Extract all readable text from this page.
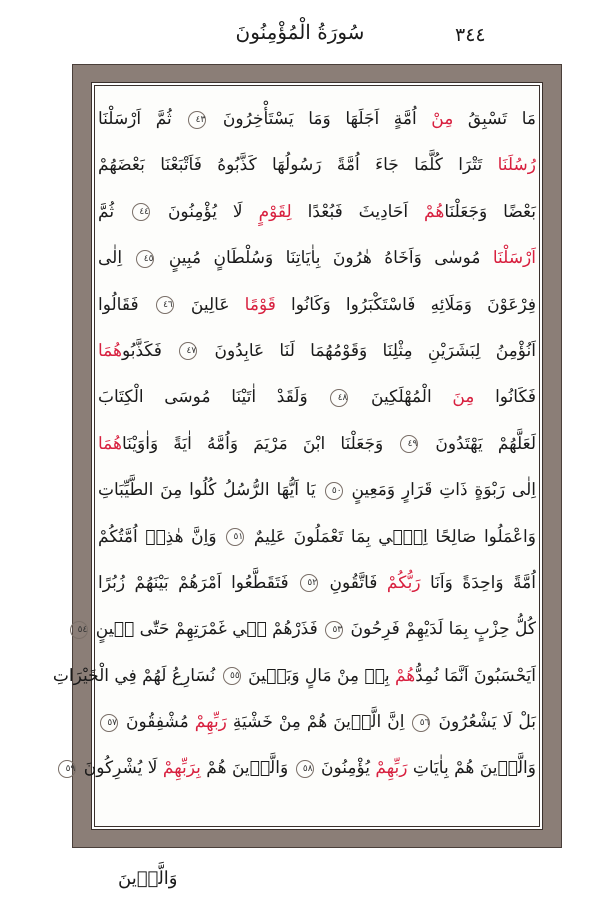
سُورَةُ الْمُؤْمِنُونَ	٣٤٤
مَا تَسْبِقُ مِنْ اُمَّةٍ اَجَلَهَا وَمَا يَسْتَأْخِرُونَ ٤٣ ثُمَّ اَرْسَلْنَا
رُسُلَنَا تَتْرَا كُلَّمَا جَاءَ اُمَّةً رَسُولُهَا كَذَّبُوهُ فَاَتْبَعْنَا بَعْضَهُمْ
بَعْضًا وَجَعَلْنَاهُمْ اَحَادِيثَ فَبُعْدًا لِقَوْمٍ لَا يُؤْمِنُونَ ٤٤ ثُمَّ
اَرْسَلْنَا مُوسٰى وَاَخَاهُ هٰرُونَ بِاٰيَاتِنَا وَسُلْطَانٍ مُبِينٍ ٤٥ اِلٰى
فِرْعَوْنَ وَمَلَائِهِ فَاسْتَكْبَرُوا وَكَانُوا قَوْمًا عَالِينَ ٤٦ فَقَالُوا
اَنُؤْمِنُ لِبَشَرَيْنِ مِثْلِنَا وَقَوْمُهُمَا لَنَا عَابِدُونَ ٤٧ فَكَذَّبُوهُمَا
فَكَانُوا مِنَ الْمُهْلَكِينَ ٤٨ وَلَقَدْ اٰتَيْنَا مُوسَى الْكِتَابَ
لَعَلَّهُمْ يَهْتَدُونَ ٤٩ وَجَعَلْنَا ابْنَ مَرْيَمَ وَاُمَّهُ اٰيَةً وَاٰوَيْنَاهُمَا
اِلٰى رَبْوَةٍ ذَاتِ قَرَارٍ وَمَعِينٍ ٥٠ يَا اَيُّهَا الرُّسُلُ كُلُوا مِنَ الطَّيِّبَاتِ
وَاعْمَلُوا صَالِحًا اِنّ۪ي بِمَا تَعْمَلُونَ عَلِيمٌ ٥١ وَاِنَّ هٰذِه۪ اُمَّتُكُمْ
اُمَّةً وَاحِدَةً وَاَنَا رَبُّكُمْ فَاتَّقُونِ ٥٢ فَتَقَطَّعُوا اَمْرَهُمْ بَيْنَهُمْ زُبُرًا
كُلُّ حِزْبٍ بِمَا لَدَيْهِمْ فَرِحُونَ ٥٣ فَذَرْهُمْ ف۪ي غَمْرَتِهِمْ حَتّٰى ح۪ينٍ ٥٤
اَيَحْسَبُونَ اَنَّمَا نُمِدُّهُمْ بِه۪ مِنْ مَالٍ وَبَن۪ينَ ٥٥ نُسَارِعُ لَهُمْ فِي الْخَيْرَاتِ
بَلْ لَا يَشْعُرُونَ ٥٦ اِنَّ الَّذ۪ينَ هُمْ مِنْ خَشْيَةِ رَبِّهِمْ مُشْفِقُونَ ٥٧
وَالَّذ۪ينَ هُمْ بِاٰيَاتِ رَبِّهِمْ يُؤْمِنُونَ ٥٨ وَالَّذ۪ينَ هُمْ بِرَبِّهِمْ لَا يُشْرِكُونَ ٥٩
وَالَّذ۪ينَ
